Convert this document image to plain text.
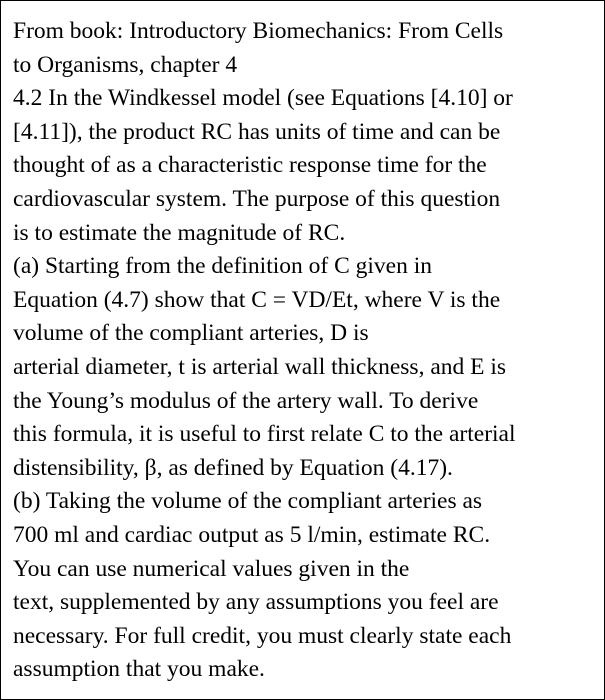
From book: Introductory Biomechanics: From Cells
to Organisms, chapter 4
4.2 In the Windkessel model (see Equations [4.10] or
[4.11]), the product RC has units of time and can be
thought of as a characteristic response time for the
cardiovascular system. The purpose of this question
is to estimate the magnitude of RC.
(a) Starting from the definition of C given in
Equation (4.7) show that C = VD/Et, where V is the
volume of the compliant arteries, D is
arterial diameter, t is arterial wall thickness, and E is
the Young’s modulus of the artery wall. To derive
this formula, it is useful to first relate C to the arterial
distensibility, β, as defined by Equation (4.17).
(b) Taking the volume of the compliant arteries as
700 ml and cardiac output as 5 l/min, estimate RC.
You can use numerical values given in the
text, supplemented by any assumptions you feel are
necessary. For full credit, you must clearly state each
assumption that you make.
